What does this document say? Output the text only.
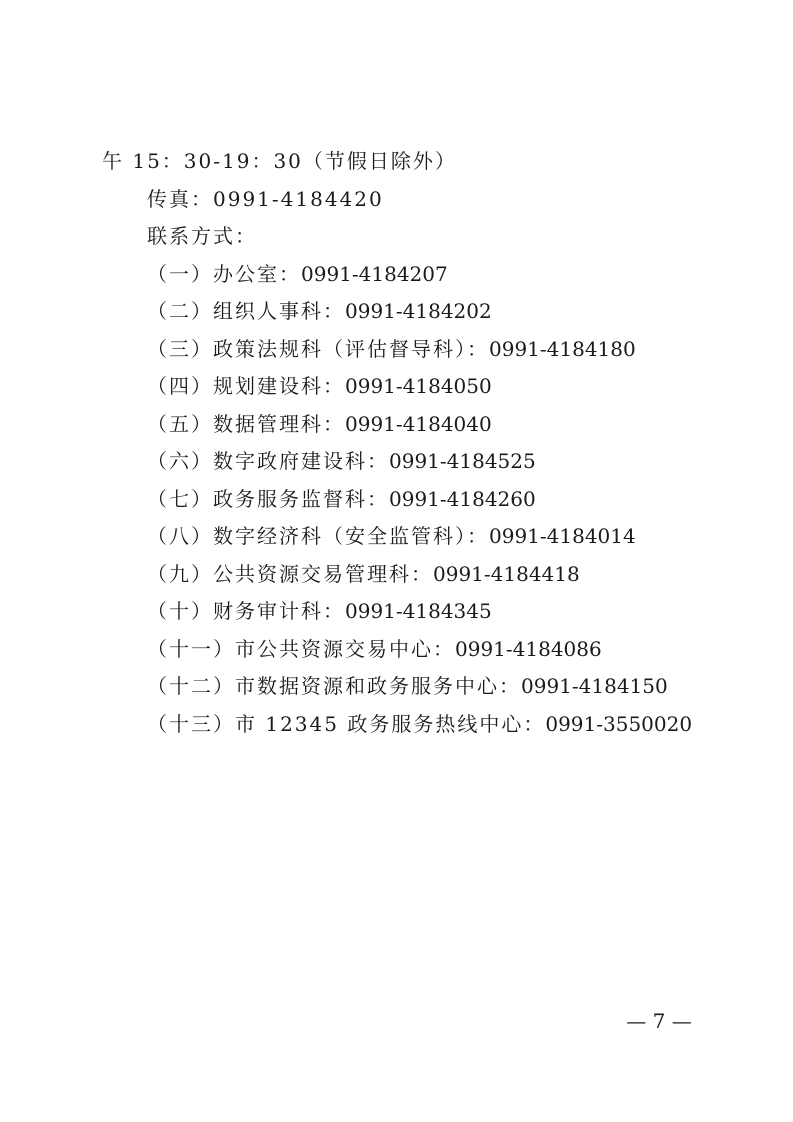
午 15：30-19：30（节假日除外）
传真：0991-4184420
联系方式：
（一）办公室：0991-4184207
（二）组织人事科：0991-4184202
（三）政策法规科（评估督导科）：0991-4184180
（四）规划建设科：0991-4184050
（五）数据管理科：0991-4184040
（六）数字政府建设科：0991-4184525
（七）政务服务监督科：0991-4184260
（八）数字经济科（安全监管科）：0991-4184014
（九）公共资源交易管理科：0991-4184418
（十）财务审计科：0991-4184345
（十一）市公共资源交易中心：0991-4184086
（十二）市数据资源和政务服务中心：0991-4184150
（十三）市 12345 政务服务热线中心：0991-3550020
— 7 —
